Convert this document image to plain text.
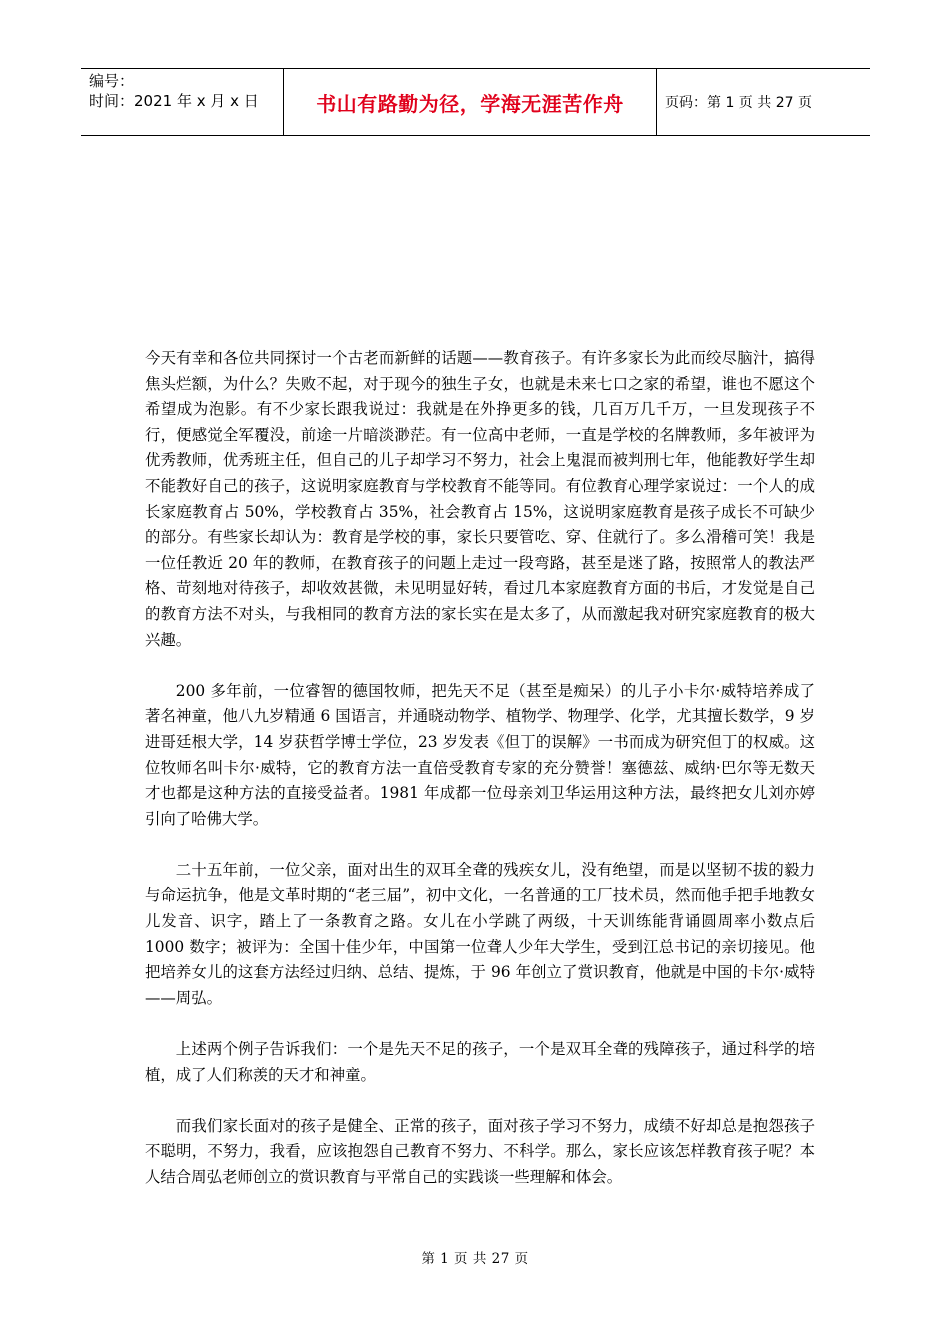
编号：
时间：2021 年 x 月 x 日	书山有路勤为径，学海无涯苦作舟	页码：第 1 页 共 27 页

今天有幸和各位共同探讨一个古老而新鲜的话题——教育孩子。有许多家长为此而绞尽脑汁，搞得焦头烂额，为什么？失败不起，对于现今的独生子女，也就是未来七口之家的希望，谁也不愿这个希望成为泡影。有不少家长跟我说过：我就是在外挣更多的钱，几百万几千万，一旦发现孩子不行，便感觉全军覆没，前途一片暗淡渺茫。有一位高中老师，一直是学校的名牌教师，多年被评为优秀教师，优秀班主任，但自己的儿子却学习不努力，社会上鬼混而被判刑七年，他能教好学生却不能教好自己的孩子，这说明家庭教育与学校教育不能等同。有位教育心理学家说过：一个人的成长家庭教育占 50%，学校教育占 35%，社会教育占 15%，这说明家庭教育是孩子成长不可缺少的部分。有些家长却认为：教育是学校的事，家长只要管吃、穿、住就行了。多么滑稽可笑！我是一位任教近 20 年的教师，在教育孩子的问题上走过一段弯路，甚至是迷了路，按照常人的教法严格、苛刻地对待孩子，却收效甚微，未见明显好转，看过几本家庭教育方面的书后，才发觉是自己的教育方法不对头，与我相同的教育方法的家长实在是太多了，从而激起我对研究家庭教育的极大兴趣。

200 多年前，一位睿智的德国牧师，把先天不足（甚至是痴呆）的儿子小卡尔·威特培养成了著名神童，他八九岁精通 6 国语言，并通晓动物学、植物学、物理学、化学，尤其擅长数学，9 岁进哥廷根大学，14 岁获哲学博士学位，23 岁发表《但丁的误解》一书而成为研究但丁的权威。这位牧师名叫卡尔·威特，它的教育方法一直倍受教育专家的充分赞誉！塞德兹、威纳·巴尔等无数天才也都是这种方法的直接受益者。1981 年成都一位母亲刘卫华运用这种方法，最终把女儿刘亦婷引向了哈佛大学。

二十五年前，一位父亲，面对出生的双耳全聋的残疾女儿，没有绝望，而是以坚韧不拔的毅力与命运抗争，他是文革时期的“老三届”，初中文化，一名普通的工厂技术员，然而他手把手地教女儿发音、识字，踏上了一条教育之路。女儿在小学跳了两级，十天训练能背诵圆周率小数点后 1000 数字；被评为：全国十佳少年，中国第一位聋人少年大学生，受到江总书记的亲切接见。他把培养女儿的这套方法经过归纳、总结、提炼，于 96 年创立了赏识教育，他就是中国的卡尔·威特——周弘。

上述两个例子告诉我们：一个是先天不足的孩子，一个是双耳全聋的残障孩子，通过科学的培植，成了人们称羡的天才和神童。

而我们家长面对的孩子是健全、正常的孩子，面对孩子学习不努力，成绩不好却总是抱怨孩子不聪明，不努力，我看，应该抱怨自己教育不努力、不科学。那么，家长应该怎样教育孩子呢？本人结合周弘老师创立的赏识教育与平常自己的实践谈一些理解和体会。

第 1 页 共 27 页
